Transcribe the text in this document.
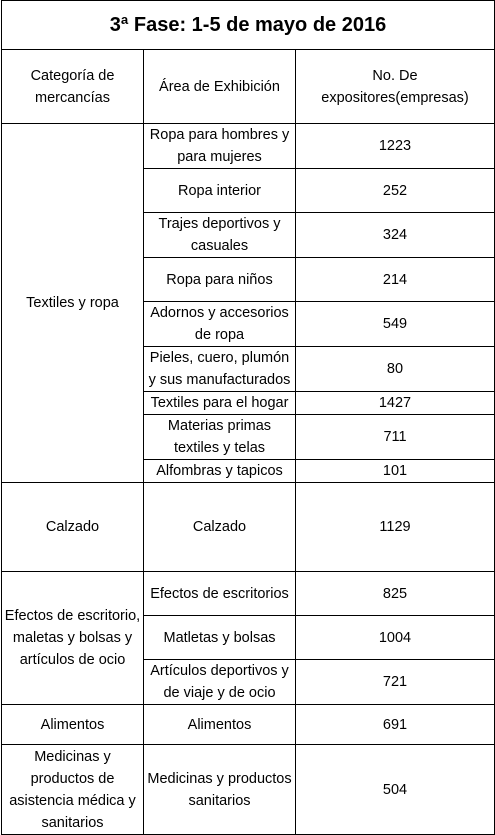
3ª Fase: 1-5 de mayo de 2016		
Categoría de mercancías	Área de Exhibición	No. De expositores(empresas)
Textiles y ropa	Ropa para hombres y para mujeres	1223
	Ropa interior	252
	Trajes deportivos y casuales	324
	Ropa para niños	214
	Adornos y accesorios de ropa	549
	Pieles, cuero, plumón y sus manufacturados	80
	Textiles para el hogar	1427
	Materias primas textiles y telas	711
	Alfombras y tapicos	101
Calzado	Calzado	1129
Efectos de escritorio, maletas y bolsas y artículos de ocio	Efectos de escritorios	825
	Matletas y bolsas	1004
	Artículos deportivos y de viaje y de ocio	721
Alimentos	Alimentos	691
Medicinas y productos de asistencia médica y sanitarios	Medicinas y productos sanitarios	504
